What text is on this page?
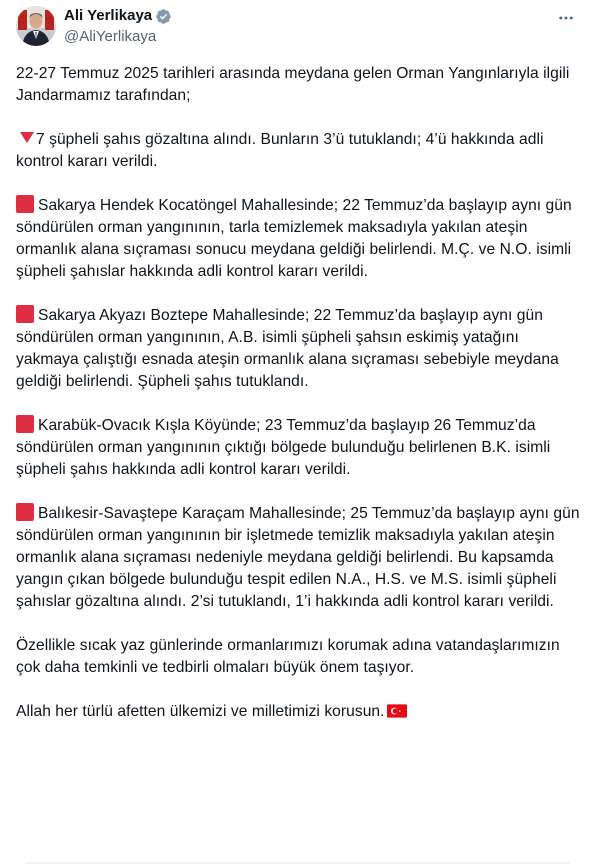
Ali Yerlikaya
@AliYerlikaya

22-27 Temmuz 2025 tarihleri arasında meydana gelen Orman Yangınlarıyla ilgili Jandarmamız tarafından;

7 şüpheli şahıs gözaltına alındı. Bunların 3’ü tutuklandı; 4’ü hakkında adli kontrol kararı verildi.

Sakarya Hendek Kocatöngel Mahallesinde; 22 Temmuz’da başlayıp aynı gün söndürülen orman yangınının, tarla temizlemek maksadıyla yakılan ateşin ormanlık alana sıçraması sonucu meydana geldiği belirlendi. M.Ç. ve N.O. isimli şüpheli şahıslar hakkında adli kontrol kararı verildi.

Sakarya Akyazı Boztepe Mahallesinde; 22 Temmuz’da başlayıp aynı gün söndürülen orman yangınının, A.B. isimli şüpheli şahsın eskimiş yatağını yakmaya çalıştığı esnada ateşin ormanlık alana sıçraması sebebiyle meydana geldiği belirlendi. Şüpheli şahıs tutuklandı.

Karabük-Ovacık Kışla Köyünde; 23 Temmuz’da başlayıp 26 Temmuz’da söndürülen orman yangınının çıktığı bölgede bulunduğu belirlenen B.K. isimli şüpheli şahıs hakkında adli kontrol kararı verildi.

Balıkesir-Savaştepe Karaçam Mahallesinde; 25 Temmuz’da başlayıp aynı gün söndürülen orman yangınının bir işletmede temizlik maksadıyla yakılan ateşin ormanlık alana sıçraması nedeniyle meydana geldiği belirlendi. Bu kapsamda yangın çıkan bölgede bulunduğu tespit edilen N.A., H.S. ve M.S. isimli şüpheli şahıslar gözaltına alındı. 2’si tutuklandı, 1’i hakkında adli kontrol kararı verildi.

Özellikle sıcak yaz günlerinde ormanlarımızı korumak adına vatandaşlarımızın çok daha temkinli ve tedbirli olmaları büyük önem taşıyor.

Allah her türlü afetten ülkemizi ve milletimizi korusun.
